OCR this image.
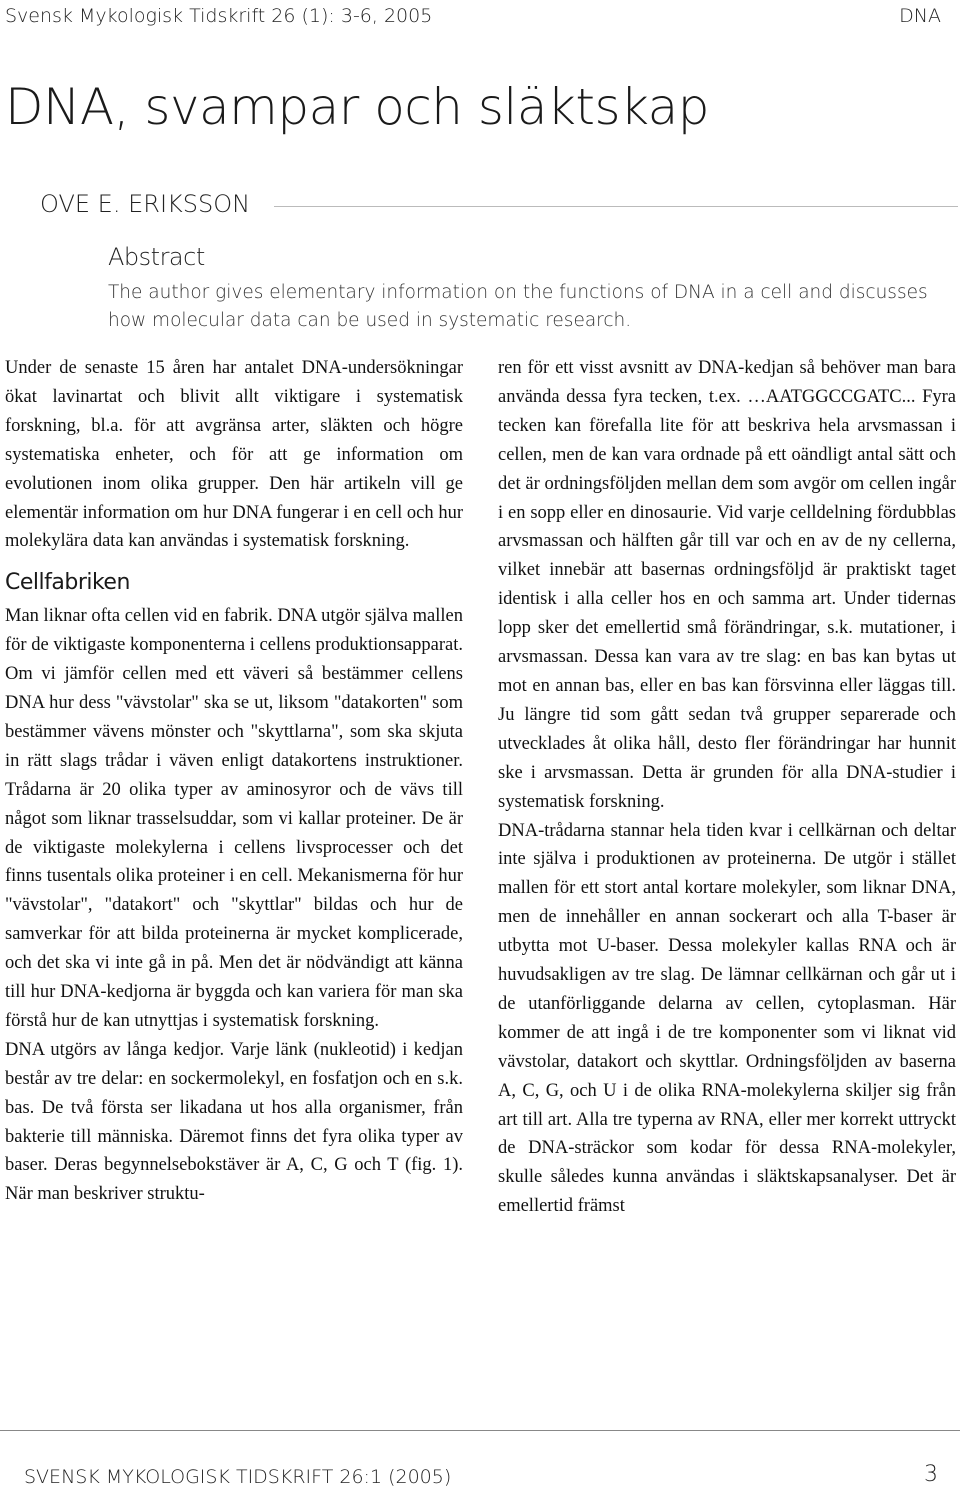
Svensk Mykologisk Tidskrift 26 (1): 3-6, 2005	DNA
DNA, svampar och släktskap
OVE E. ERIKSSON
Abstract
The author gives elementary information on the functions of DNA in a cell and discusses how molecular data can be used in systematic research.

Under de senaste 15 åren har antalet DNA-undersökningar ökat lavinartat och blivit allt viktigare i systematisk forskning, bl.a. för att avgränsa arter, släkten och högre systematiska enheter, och för att ge information om evolutionen inom olika grupper. Den här artikeln vill ge elementär information om hur DNA fungerar i en cell och hur molekylära data kan användas i systematisk forskning.

Cellfabriken

Man liknar ofta cellen vid en fabrik. DNA utgör själva mallen för de viktigaste komponenterna i cellens produktionsapparat. Om vi jämför cellen med ett väveri så bestämmer cellens DNA hur dess "vävstolar" ska se ut, liksom "datakorten" som bestämmer vävens mönster och "skyttlarna", som ska skjuta in rätt slags trådar i väven enligt datakortens instruktioner. Trådarna är 20 olika typer av aminosyror och de vävs till något som liknar trasselsuddar, som vi kallar proteiner. De är de viktigaste molekylerna i cellens livsprocesser och det finns tusentals olika proteiner i en cell. Mekanismerna för hur "vävstolar", "datakort" och "skyttlar" bildas och hur de samverkar för att bilda proteinerna är mycket komplicerade, och det ska vi inte gå in på. Men det är nödvändigt att känna till hur DNA-kedjorna är byggda och kan variera för man ska förstå hur de kan utnyttjas i systematisk forskning.

DNA utgörs av långa kedjor. Varje länk (nukleotid) i kedjan består av tre delar: en sockermolekyl, en fosfatjon och en s.k. bas. De två första ser likadana ut hos alla organismer, från bakterie till människa. Däremot finns det fyra olika typer av baser. Deras begynnelsebokstäver är A, C, G och T (fig. 1). När man beskriver struktu-

ren för ett visst avsnitt av DNA-kedjan så behöver man bara använda dessa fyra tecken, t.ex. …AATGGCCGATC... Fyra tecken kan förefalla lite för att beskriva hela arvsmassan i cellen, men de kan vara ordnade på ett oändligt antal sätt och det är ordningsföljden mellan dem som avgör om cellen ingår i en sopp eller en dinosaurie. Vid varje celldelning fördubblas arvsmassan och hälften går till var och en av de ny cellerna, vilket innebär att basernas ordningsföljd är praktiskt taget identisk i alla celler hos en och samma art. Under tidernas lopp sker det emellertid små förändringar, s.k. mutationer, i arvsmassan. Dessa kan vara av tre slag: en bas kan bytas ut mot en annan bas, eller en bas kan försvinna eller läggas till. Ju längre tid som gått sedan två grupper separerade och utvecklades åt olika håll, desto fler förändringar har hunnit ske i arvsmassan. Detta är grunden för alla DNA-studier i systematisk forskning.

DNA-trådarna stannar hela tiden kvar i cellkärnan och deltar inte själva i produktionen av proteinerna. De utgör i stället mallen för ett stort antal kortare molekyler, som liknar DNA, men de innehåller en annan sockerart och alla T-baser är utbytta mot U-baser. Dessa molekyler kallas RNA och är huvudsakligen av tre slag. De lämnar cellkärnan och går ut i de utanförliggande delarna av cellen, cytoplasman. Här kommer de att ingå i de tre komponenter som vi liknat vid vävstolar, datakort och skyttlar. Ordningsföljden av baserna A, C, G, och U i de olika RNA-molekylerna skiljer sig från art till art. Alla tre typerna av RNA, eller mer korrekt uttryckt de DNA-sträckor som kodar för dessa RNA-molekyler, skulle således kunna användas i släktskapsanalyser. Det är emellertid främst

SVENSK MYKOLOGISK TIDSKRIFT 26:1 (2005)	3
